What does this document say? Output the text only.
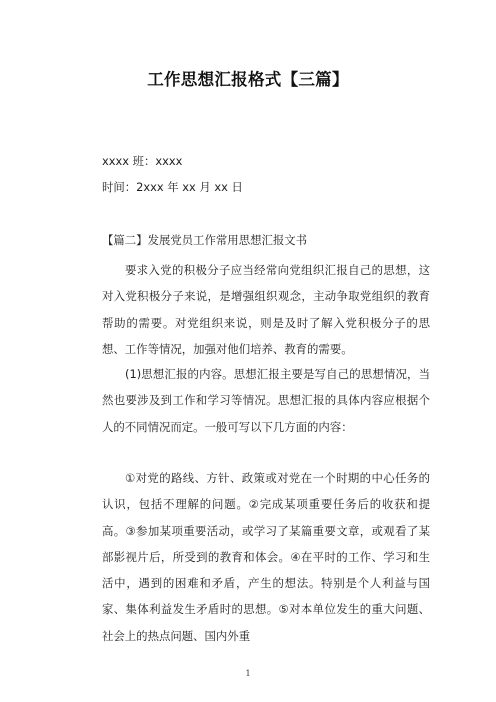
工作思想汇报格式【三篇】
xxxx 班：xxxx
时间：2xxx 年 xx 月 xx 日
【篇二】发展党员工作常用思想汇报文书
要求入党的积极分子应当经常向党组织汇报自己的思想，这对入党积极分子来说，是增强组织观念，主动争取党组织的教育帮助的需要。对党组织来说，则是及时了解入党积极分子的思想、工作等情况，加强对他们培养、教育的需要。
(1)思想汇报的内容。思想汇报主要是写自己的思想情况，当然也要涉及到工作和学习等情况。思想汇报的具体内容应根据个人的不同情况而定。一般可写以下几方面的内容：
①对党的路线、方针、政策或对党在一个时期的中心任务的认识，包括不理解的问题。②完成某项重要任务后的收获和提高。③参加某项重要活动，或学习了某篇重要文章，或观看了某部影视片后，所受到的教育和体会。④在平时的工作、学习和生活中，遇到的困难和矛盾，产生的想法。特别是个人利益与国家、集体利益发生矛盾时的思想。⑤对本单位发生的重大问题、社会上的热点问题、国内外重
1
